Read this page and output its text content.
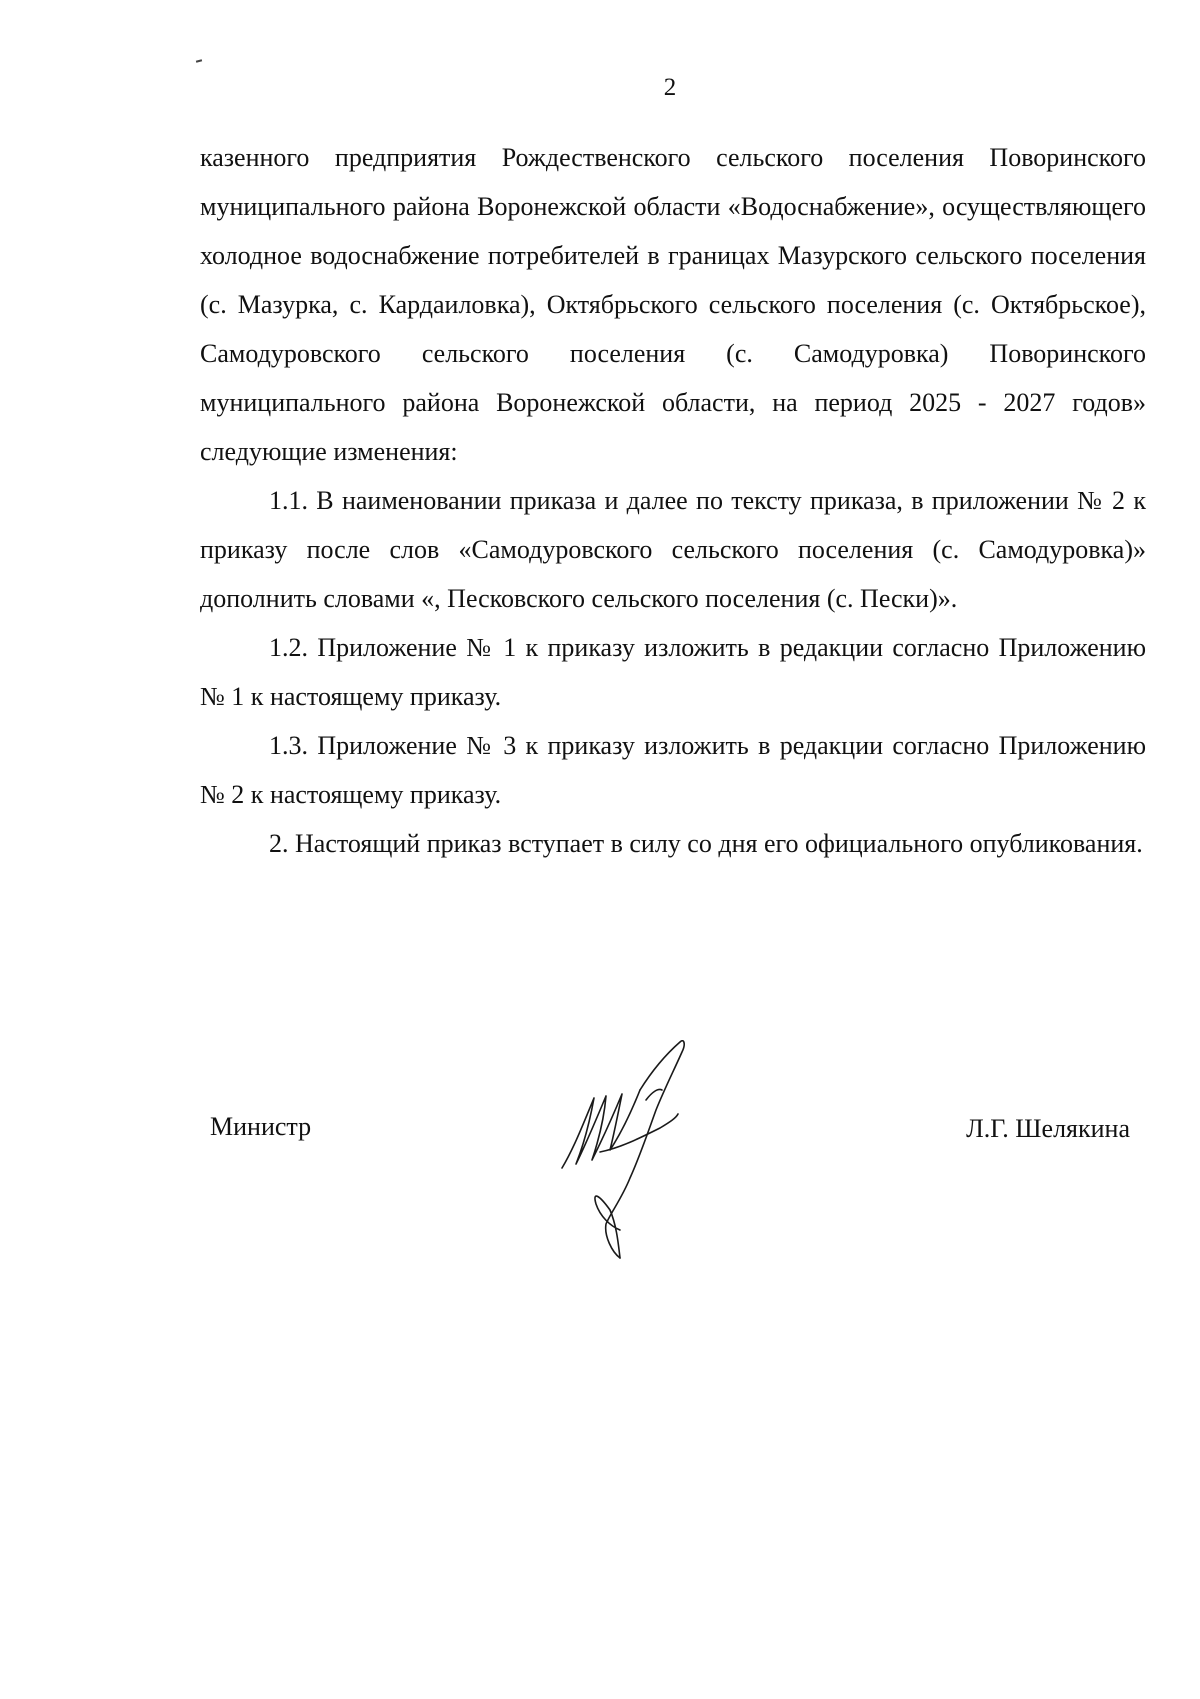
2

казенного предприятия Рождественского сельского поселения Поворинского муниципального района Воронежской области «Водоснабжение», осуществляющего холодное водоснабжение потребителей в границах Мазурского сельского поселения (с. Мазурка, с. Кардаиловка), Октябрьского сельского поселения (с. Октябрьское), Самодуровского сельского поселения (с. Самодуровка) Поворинского муниципального района Воронежской области, на период 2025 - 2027 годов» следующие изменения:

1.1. В наименовании приказа и далее по тексту приказа, в приложении № 2 к приказу после слов «Самодуровского сельского поселения (с. Самодуровка)» дополнить словами «, Песковского сельского поселения (с. Пески)».

1.2. Приложение № 1 к приказу изложить в редакции согласно Приложению № 1 к настоящему приказу.

1.3. Приложение № 3 к приказу изложить в редакции согласно Приложению № 2 к настоящему приказу.

2. Настоящий приказ вступает в силу со дня его официального опубликования.

Министр	Л.Г. Шелякина
